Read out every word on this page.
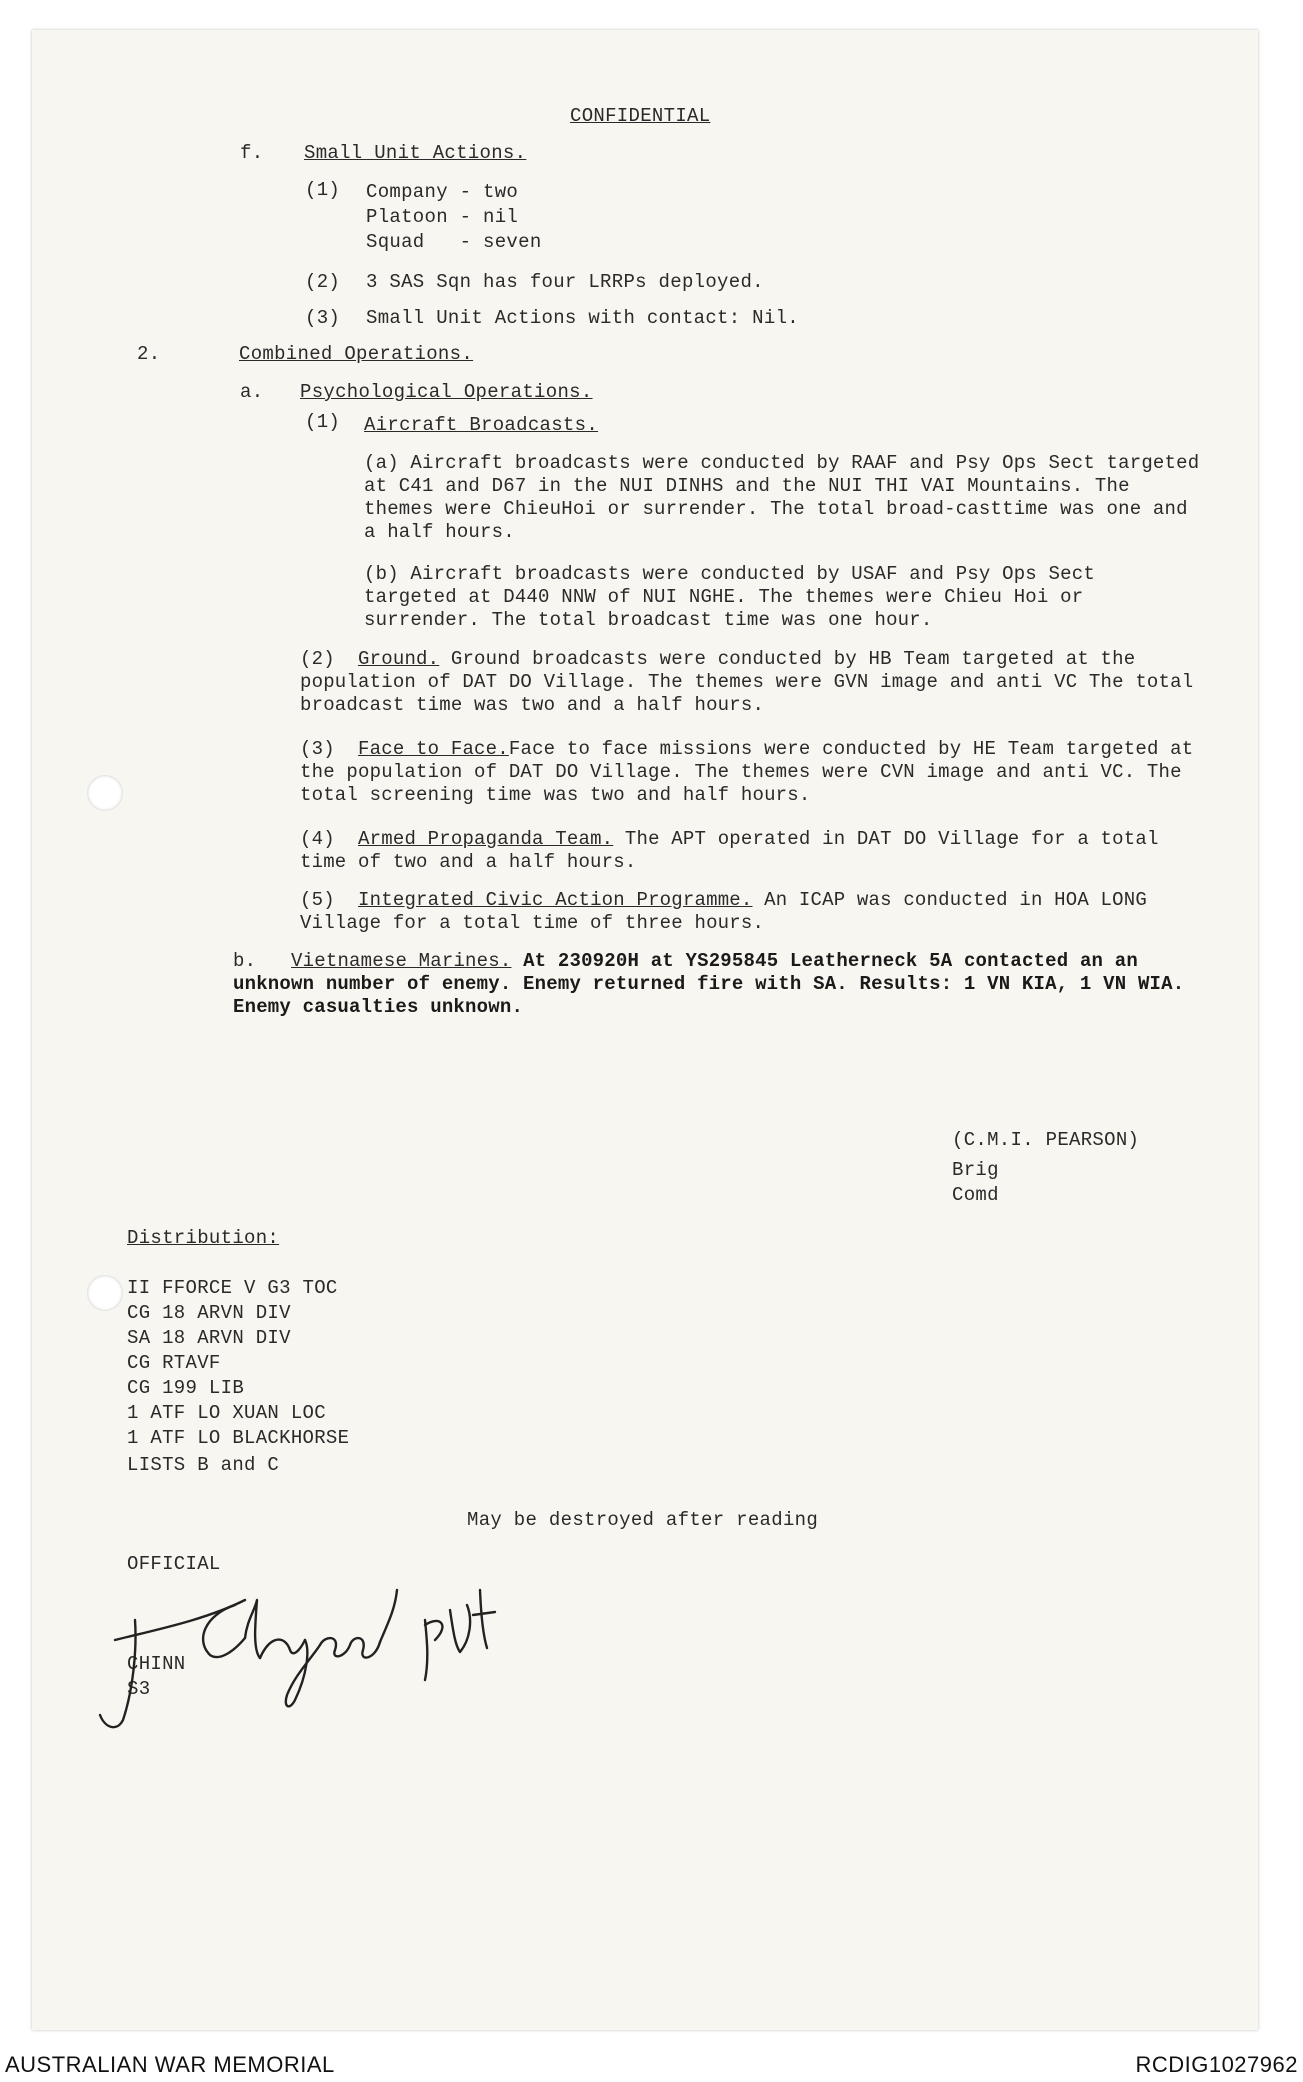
CONFIDENTIAL
f. Small Unit Actions.
(1) Company - two
Platoon - nil
Squad   - seven
(2) 3 SAS Sqn has four LRRPs deployed.
(3) Small Unit Actions with contact: Nil.
2.	Combined Operations.
a. Psychological Operations.
(1) Aircraft Broadcasts.
(a) Aircraft broadcasts were conducted by RAAF and Psy Ops Sect targeted at C41 and D67 in the NUI DINHS and the NUI THI VAI Mountains. The themes were ChieuHoi or surrender. The total broad-casttime was one and a half hours.
(b) Aircraft broadcasts were conducted by USAF and Psy Ops Sect targeted at D440 NNW of NUI NGHE. The themes were Chieu Hoi or surrender. The total broadcast time was one hour.
(2) Ground. Ground broadcasts were conducted by HB Team targeted at the population of DAT DO Village. The themes were GVN image and anti VC The total broadcast time was two and a half hours.
(3) Face to Face.Face to face missions were conducted by HE Team targeted at the population of DAT DO Village. The themes were CVN image and anti VC. The total screening time was two and half hours.
(4) Armed Propaganda Team. The APT operated in DAT DO Village for a total time of two and a half hours.
(5) Integrated Civic Action Programme. An ICAP was conducted in HOA LONG Village for a total time of three hours.
b. Vietnamese Marines. At 230920H at YS295845 Leatherneck 5A contacted an an unknown number of enemy. Enemy returned fire with SA. Results: 1 VN KIA, 1 VN WIA. Enemy casualties unknown.
(C.M.I. PEARSON)
Brig
Comd
Distribution:
II FFORCE V G3 TOC
CG 18 ARVN DIV
SA 18 ARVN DIV
CG RTAVF
CG 199 LIB
1 ATF LO XUAN LOC
1 ATF LO BLACKHORSE
LISTS B and C
May be destroyed after reading
OFFICIAL
CHINN
S3
AUSTRALIAN WAR MEMORIAL	RCDIG1027962
